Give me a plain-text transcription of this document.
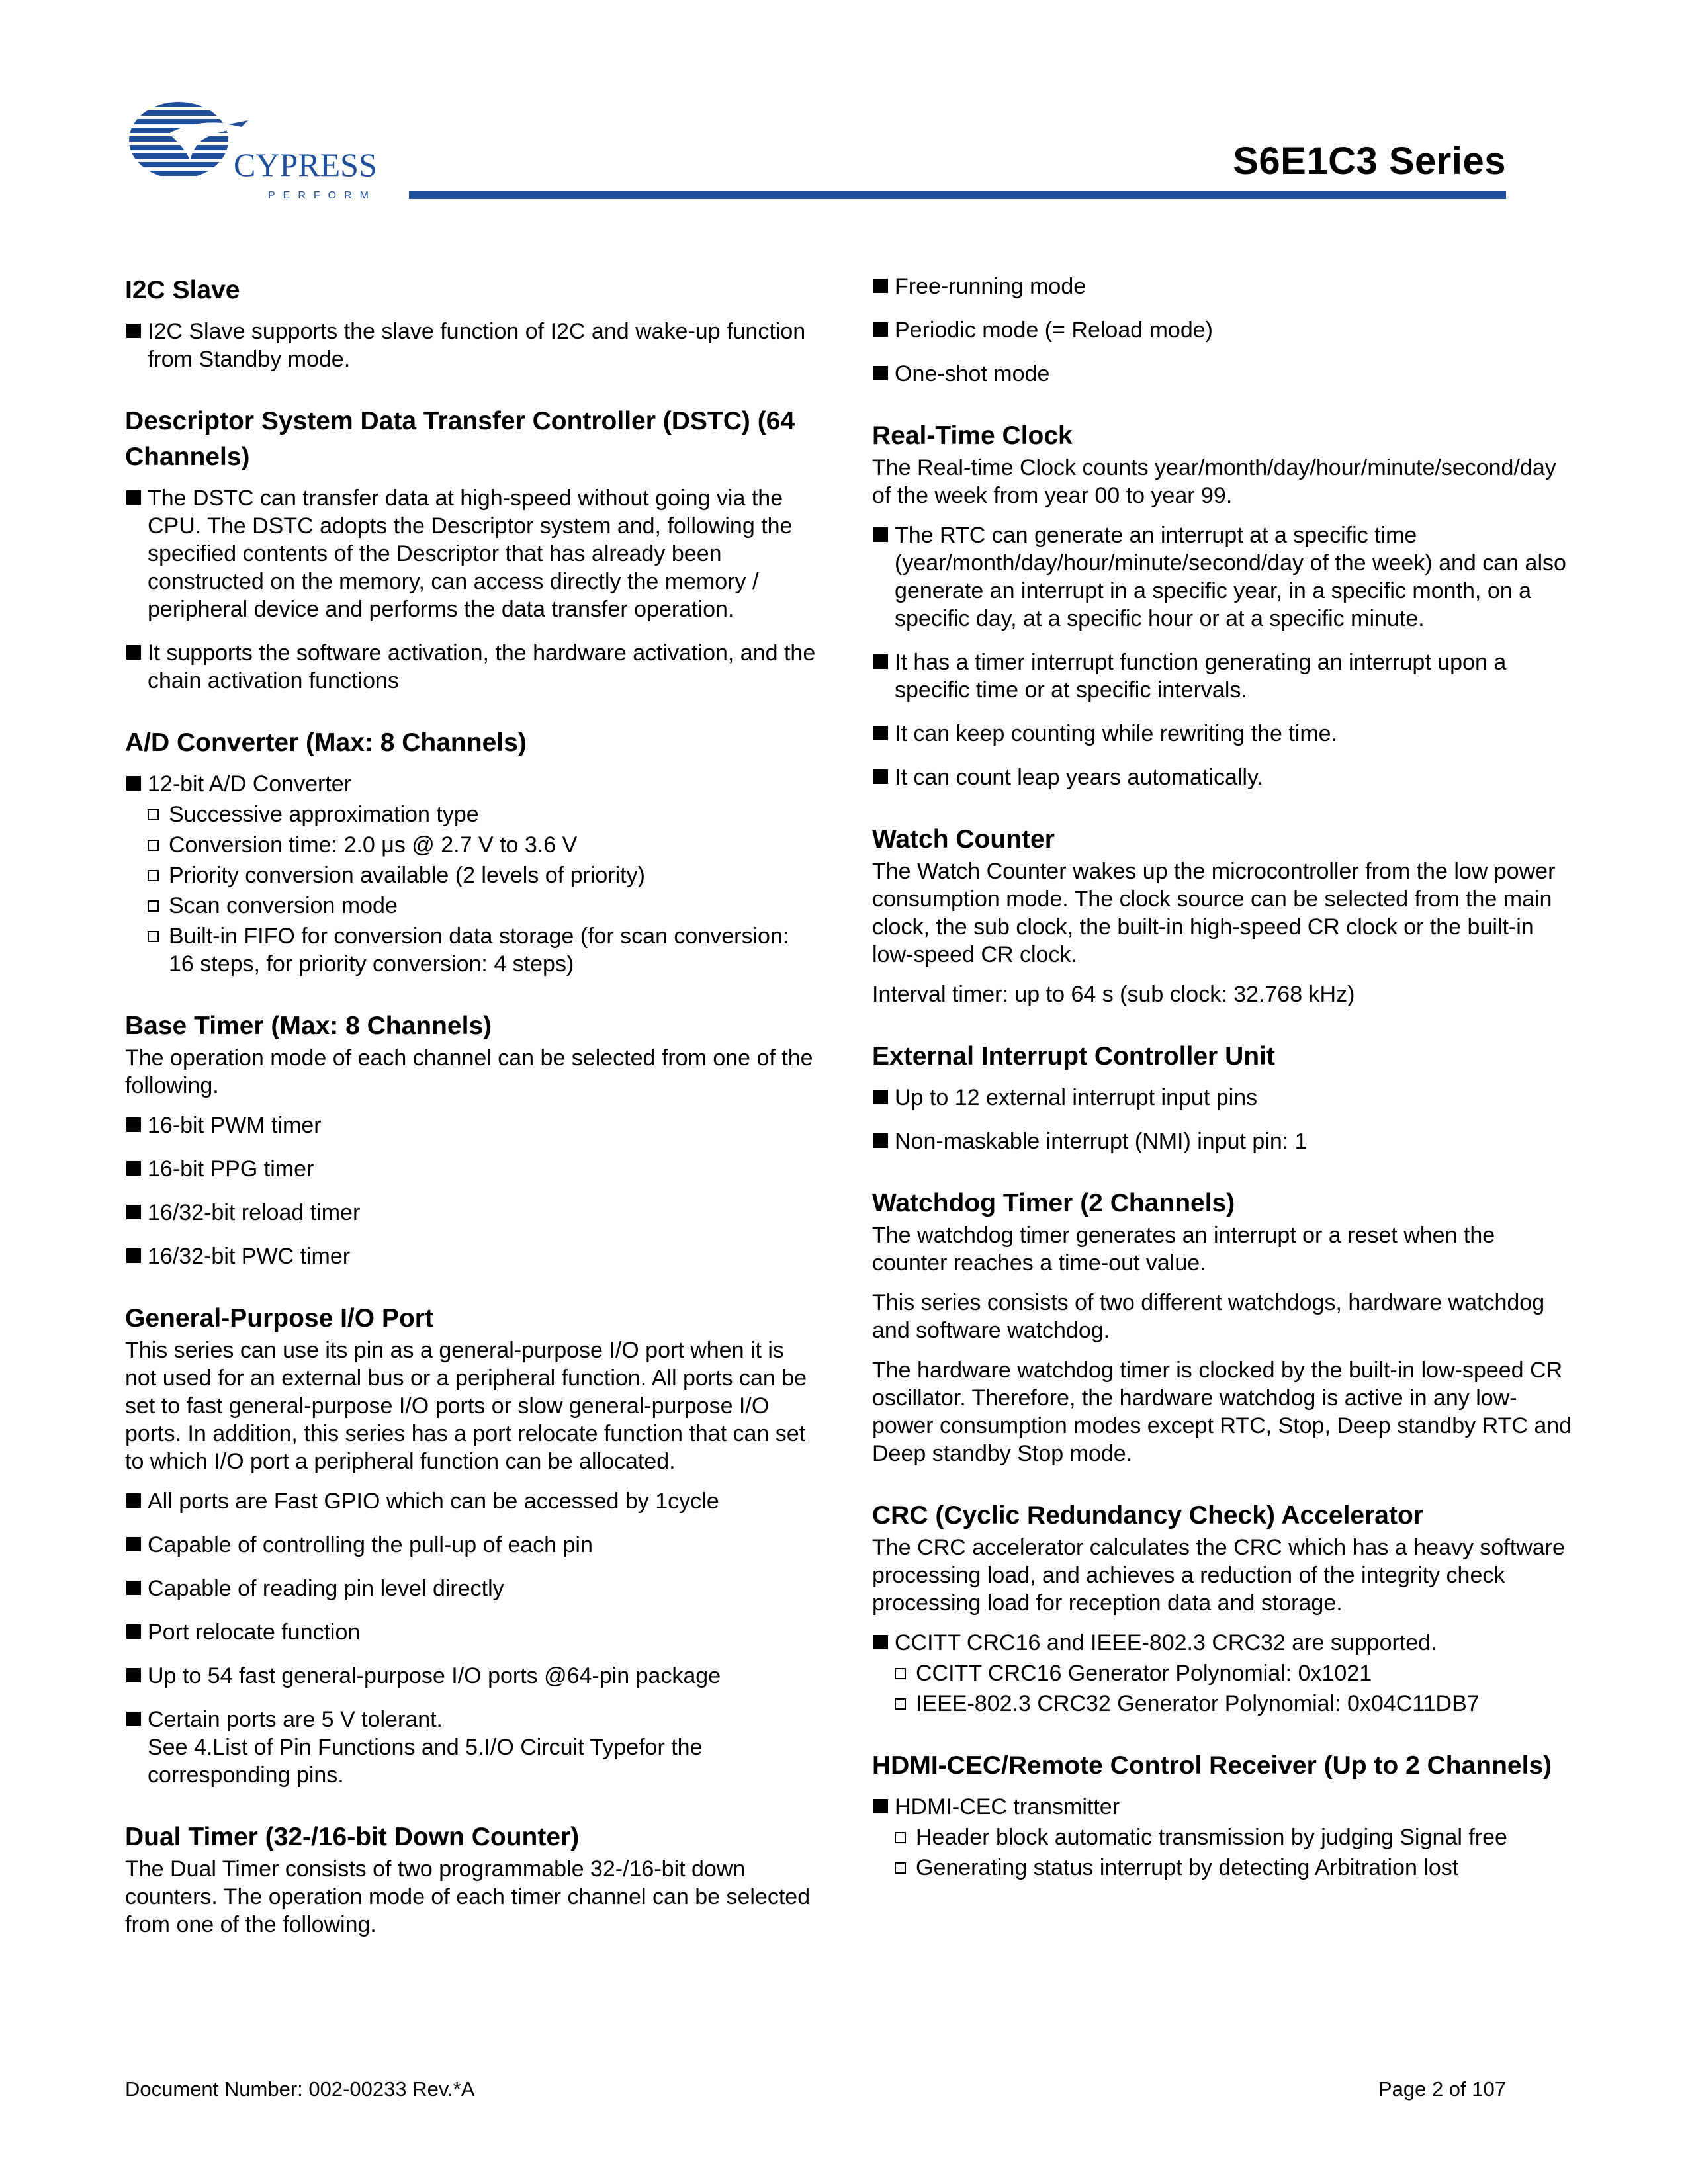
CYPRESS
PERFORM
S6E1C3 Series
I2C Slave
I2C Slave supports the slave function of I2C and wake-up function from Standby mode.
Descriptor System Data Transfer Controller (DSTC) (64 Channels)
The DSTC can transfer data at high-speed without going via the CPU. The DSTC adopts the Descriptor system and, following the specified contents of the Descriptor that has already been constructed on the memory, can access directly the memory / peripheral device and performs the data transfer operation.
It supports the software activation, the hardware activation, and the chain activation functions
A/D Converter (Max: 8 Channels)
12-bit A/D Converter
Successive approximation type
Conversion time: 2.0 μs @ 2.7 V to 3.6 V
Priority conversion available (2 levels of priority)
Scan conversion mode
Built-in FIFO for conversion data storage (for scan conversion: 16 steps, for priority conversion: 4 steps)
Base Timer (Max: 8 Channels)

The operation mode of each channel can be selected from one of the following.

16-bit PWM timer
16-bit PPG timer
16/32-bit reload timer
16/32-bit PWC timer
General-Purpose I/O Port

This series can use its pin as a general-purpose I/O port when it is not used for an external bus or a peripheral function. All ports can be set to fast general-purpose I/O ports or slow general-purpose I/O ports. In addition, this series has a port relocate function that can set to which I/O port a peripheral function can be allocated.

All ports are Fast GPIO which can be accessed by 1cycle
Capable of controlling the pull-up of each pin
Capable of reading pin level directly
Port relocate function
Up to 54 fast general-purpose I/O ports @64-pin package
Certain ports are 5 V tolerant.
See 4.List of Pin Functions and 5.I/O Circuit Typefor the corresponding pins.
Dual Timer (32-/16-bit Down Counter)

The Dual Timer consists of two programmable 32-/16-bit down counters. The operation mode of each timer channel can be selected from one of the following.

Free-running mode
Periodic mode (= Reload mode)
One-shot mode
Real-Time Clock

The Real-time Clock counts year/month/day/hour/minute/second/day of the week from year 00 to year 99.

The RTC can generate an interrupt at a specific time (year/month/day/hour/minute/second/day of the week) and can also generate an interrupt in a specific year, in a specific month, on a specific day, at a specific hour or at a specific minute.
It has a timer interrupt function generating an interrupt upon a specific time or at specific intervals.
It can keep counting while rewriting the time.
It can count leap years automatically.
Watch Counter

The Watch Counter wakes up the microcontroller from the low power consumption mode. The clock source can be selected from the main clock, the sub clock, the built-in high-speed CR clock or the built-in low-speed CR clock.

Interval timer: up to 64 s (sub clock: 32.768 kHz)

External Interrupt Controller Unit
Up to 12 external interrupt input pins
Non-maskable interrupt (NMI) input pin: 1
Watchdog Timer (2 Channels)

The watchdog timer generates an interrupt or a reset when the counter reaches a time-out value.

This series consists of two different watchdogs, hardware watchdog and software watchdog.

The hardware watchdog timer is clocked by the built-in low-speed CR oscillator. Therefore, the hardware watchdog is active in any low-power consumption modes except RTC, Stop, Deep standby RTC and Deep standby Stop mode.

CRC (Cyclic Redundancy Check) Accelerator

The CRC accelerator calculates the CRC which has a heavy software processing load, and achieves a reduction of the integrity check processing load for reception data and storage.

CCITT CRC16 and IEEE-802.3 CRC32 are supported.
CCITT CRC16 Generator Polynomial: 0x1021
IEEE-802.3 CRC32 Generator Polynomial: 0x04C11DB7
HDMI-CEC/Remote Control Receiver (Up to 2 Channels)
HDMI-CEC transmitter
Header block automatic transmission by judging Signal free
Generating status interrupt by detecting Arbitration lost
Document Number: 002-00233 Rev.*A	Page 2 of 107
